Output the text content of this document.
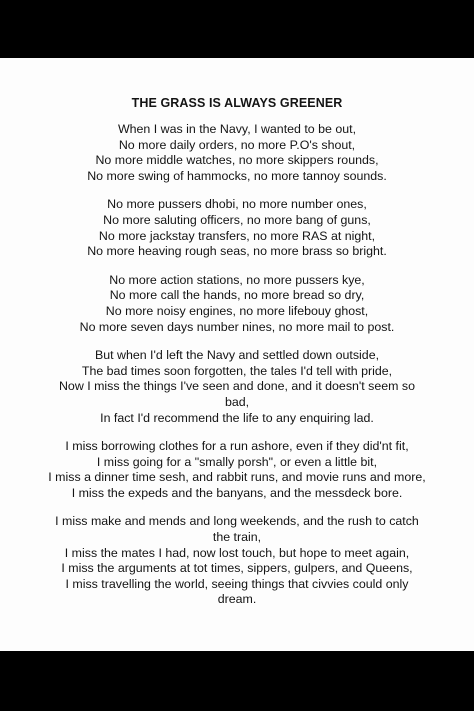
THE GRASS IS ALWAYS GREENER
When I was in the Navy, I wanted to be out,
No more daily orders, no more P.O's shout,
No more middle watches, no more skippers rounds,
No more swing of hammocks, no more tannoy sounds.
No more pussers dhobi, no more number ones,
No more saluting officers, no more bang of guns,
No more jackstay transfers, no more RAS at night,
No more heaving rough seas, no more brass so bright.
No more action stations, no more pussers kye,
No more call the hands, no more bread so dry,
No more noisy engines, no more lifebouy ghost,
No more seven days number nines, no more mail to post.
But when I'd left the Navy and settled down outside,
The bad times soon forgotten, the tales I'd tell with pride,
Now I miss the things I've seen and done, and it doesn't seem so
bad,
In fact I'd recommend the life to any enquiring lad.
I miss borrowing clothes for a run ashore, even if they did'nt fit,
I miss going for a "smally porsh", or even a little bit,
I miss a dinner time sesh, and rabbit runs, and movie runs and more,
I miss the expeds and the banyans, and the messdeck bore.
I miss make and mends and long weekends, and the rush to catch
the train,
I miss the mates I had, now lost touch, but hope to meet again,
I miss the arguments at tot times, sippers, gulpers, and Queens,
I miss travelling the world, seeing things that civvies could only
dream.
